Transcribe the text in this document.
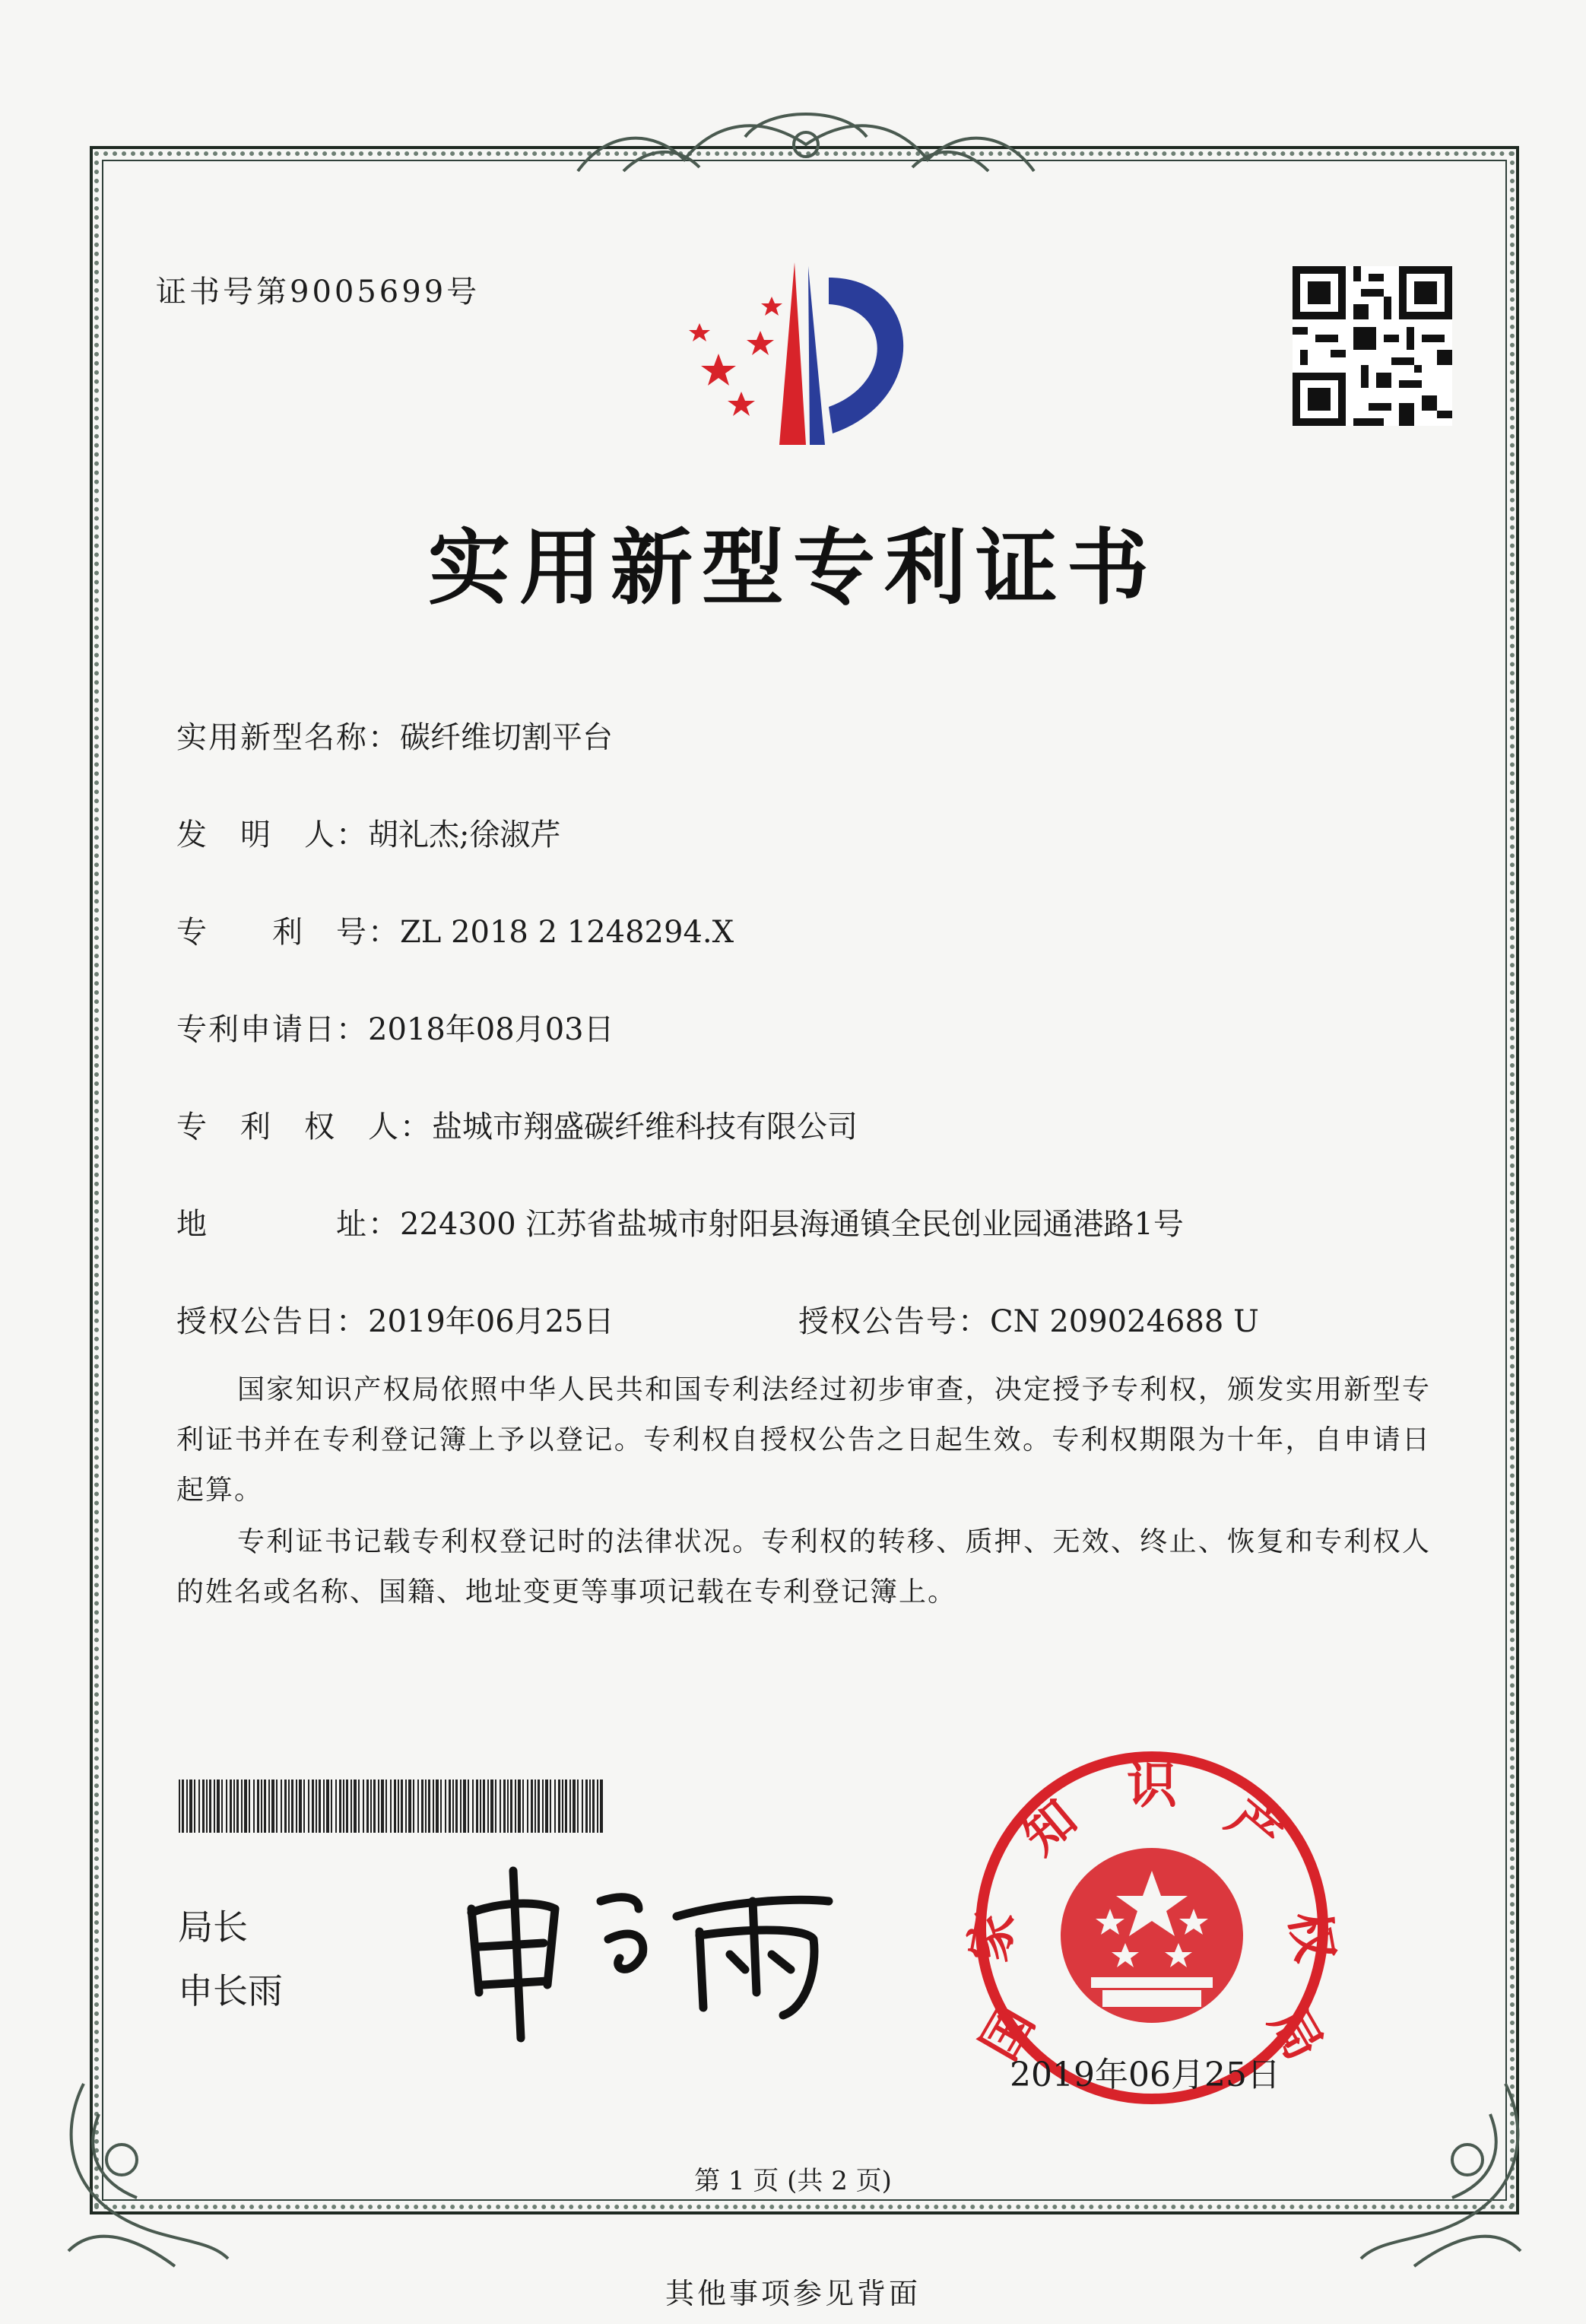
证书号第9005699号
实用新型专利证书
实用新型名称：碳纤维切割平台
发　明　人：胡礼杰;徐淑芹
专　　利　号：ZL 2018 2 1248294.X
专利申请日：2018年08月03日
专　利　权　人：盐城市翔盛碳纤维科技有限公司
地　　　　址：224300 江苏省盐城市射阳县海通镇全民创业园通港路1号
授权公告日：2019年06月25日	授权公告号：CN 209024688 U
国家知识产权局依照中华人民共和国专利法经过初步审查，决定授予专利权，颁发实用新型专利证书并在专利登记簿上予以登记。专利权自授权公告之日起生效。专利权期限为十年，自申请日起算。
专利证书记载专利权登记时的法律状况。专利权的转移、质押、无效、终止、恢复和专利权人的姓名或名称、国籍、地址变更等事项记载在专利登记簿上。
局长
申长雨
国
家
知
识
产
权
局
2019年06月25日
第 1 页 (共 2 页)
其他事项参见背面
